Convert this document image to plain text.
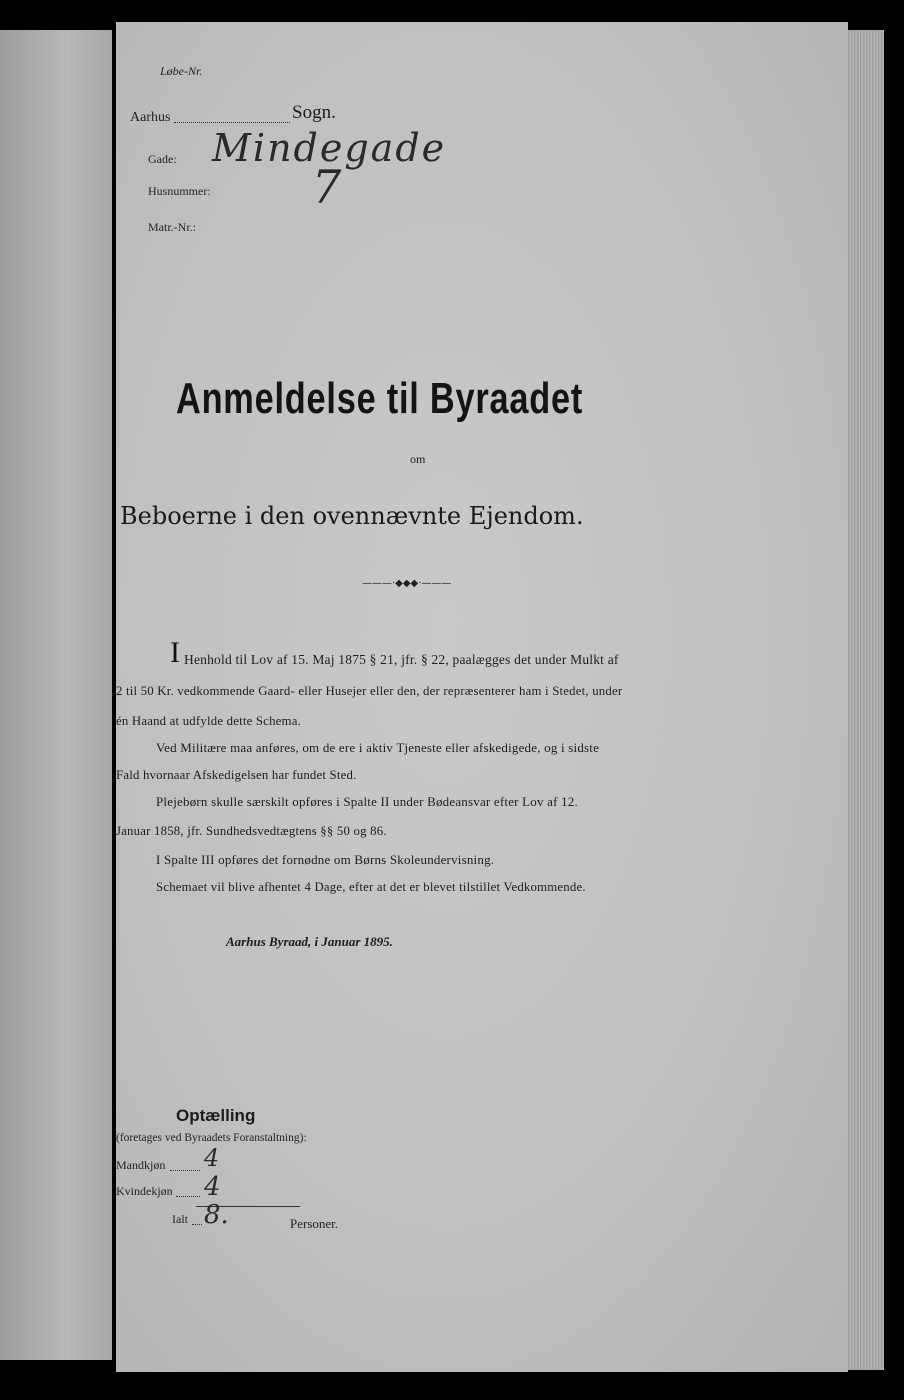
Løbe-Nr.
Aarhus	Sogn.
Gade: Mindegade
Husnummer: 7
Matr.-Nr.:
Anmeldelse til Byraadet
om
Beboerne i den ovennævnte Ejendom.
———·◆◆◆·———
I Henhold til Lov af 15. Maj 1875 § 21, jfr. § 22, paalægges det under Mulkt af
2 til 50 Kr. vedkommende Gaard- eller Husejer eller den, der repræsenterer ham i Stedet, under
én Haand at udfylde dette Schema.
Ved Militære maa anføres, om de ere i aktiv Tjeneste eller afskedigede, og i sidste
Fald hvornaar Afskedigelsen har fundet Sted.
Plejebørn skulle særskilt opføres i Spalte II under Bødeansvar efter Lov af 12.
Januar 1858, jfr. Sundhedsvedtægtens §§ 50 og 86.
I Spalte III opføres det fornødne om Børns Skoleundervisning.
Schemaet vil blive afhentet 4 Dage, efter at det er blevet tilstillet Vedkommende.
Aarhus Byraad, i Januar 1895.
Optælling
(foretages ved Byraadets Foranstaltning):
Mandkjøn 4
Kvindekjøn 4
Ialt 8.	Personer.
